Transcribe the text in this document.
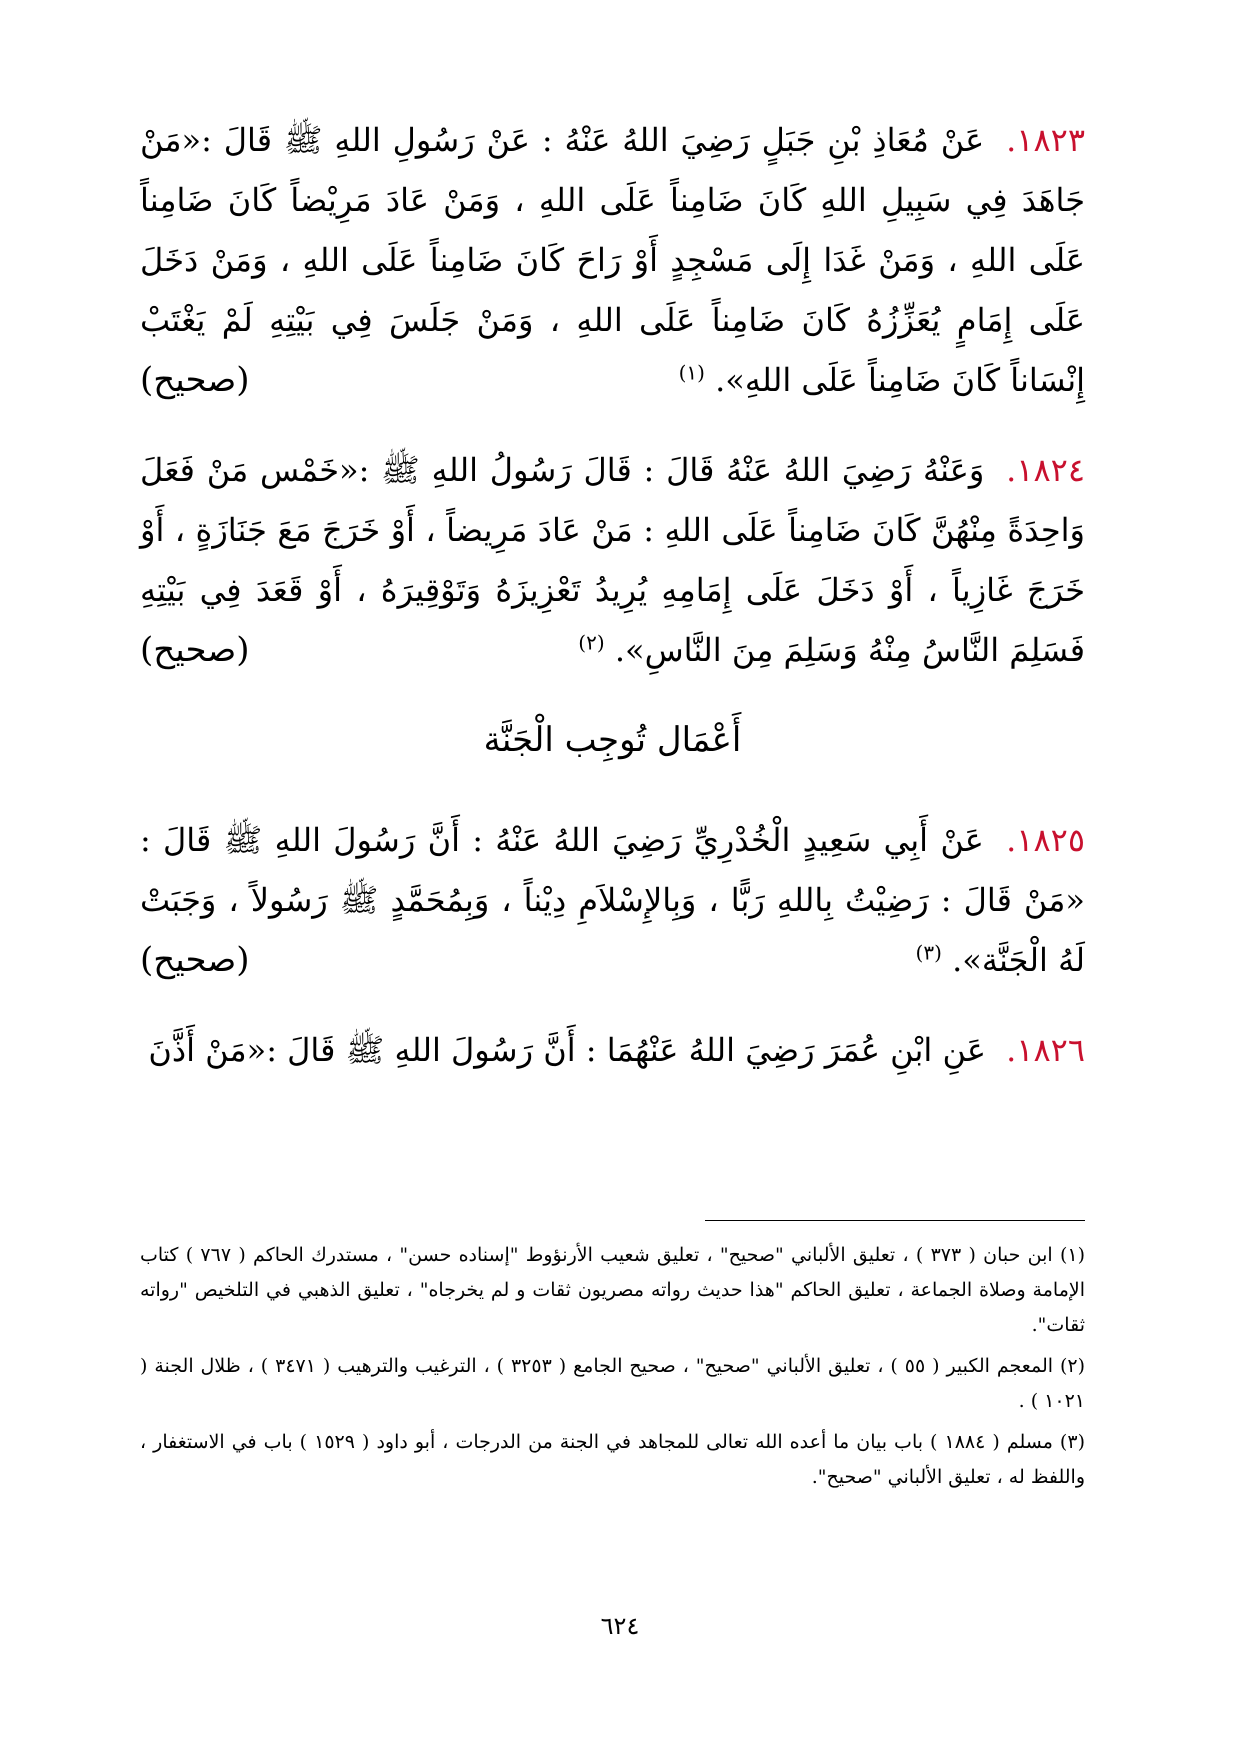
١٨٢٣. عَنْ مُعَاذِ بْنِ جَبَلٍ رَضِيَ اللهُ عَنْهُ : عَنْ رَسُولِ اللهِ ﷺ قَالَ :«مَنْ جَاهَدَ فِي سَبِيلِ اللهِ كَانَ ضَامِناً عَلَى اللهِ ، وَمَنْ عَادَ مَرِيْضاً كَانَ ضَامِناً عَلَى اللهِ ، وَمَنْ غَدَا إِلَى مَسْجِدٍ أَوْ رَاحَ كَانَ ضَامِناً عَلَى اللهِ ، وَمَنْ دَخَلَ عَلَى إِمَامٍ يُعَزِّزُهُ كَانَ ضَامِناً عَلَى اللهِ ، وَمَنْ جَلَسَ فِي بَيْتِهِ لَمْ يَغْتَبْ إِنْسَاناً كَانَ ضَامِناً عَلَى اللهِ». $^{(١)}$
(صحيح)

١٨٢٤. وَعَنْهُ رَضِيَ اللهُ عَنْهُ قَالَ : قَالَ رَسُولُ اللهِ ﷺ :«خَمْس مَنْ فَعَلَ وَاحِدَةً مِنْهُنَّ كَانَ ضَامِناً عَلَى اللهِ : مَنْ عَادَ مَرِيضاً ، أَوْ خَرَجَ مَعَ جَنَازَةٍ ، أَوْ خَرَجَ غَازِياً ، أَوْ دَخَلَ عَلَى إِمَامِهِ يُرِيدُ تَعْزِيزَهُ وَتَوْقِيرَهُ ، أَوْ قَعَدَ فِي بَيْتِهِ فَسَلِمَ النَّاسُ مِنْهُ وَسَلِمَ مِنَ النَّاسِ». $^{(٢)}$
(صحيح)

أَعْمَال تُوجِب الْجَنَّة

١٨٢٥. عَنْ أَبِي سَعِيدٍ الْخُدْرِيِّ رَضِيَ اللهُ عَنْهُ : أَنَّ رَسُولَ اللهِ ﷺ قَالَ : «مَنْ قَالَ : رَضِيْتُ بِاللهِ رَبًّا ، وَبِالإِسْلاَمِ دِيْناً ، وَبِمُحَمَّدٍ ﷺ رَسُولاً ، وَجَبَتْ لَهُ الْجَنَّة». $^{(٣)}$
(صحيح)

١٨٢٦. عَنِ ابْنِ عُمَرَ رَضِيَ اللهُ عَنْهُمَا : أَنَّ رَسُولَ اللهِ ﷺ قَالَ :«مَنْ أَذَّنَ

(١) ابن حبان ( ٣٧٣ ) ، تعليق الألباني "صحيح" ، تعليق شعيب الأرنؤوط "إسناده حسن" ، مستدرك الحاكم ( ٧٦٧ ) كتاب الإمامة وصلاة الجماعة ، تعليق الحاكم "هذا حديث رواته مصريون ثقات و لم يخرجاه" ، تعليق الذهبي في التلخيص "رواته ثقات".

(٢) المعجم الكبير ( ٥٥ ) ، تعليق الألباني "صحيح" ، صحيح الجامع ( ٣٢٥٣ ) ، الترغيب والترهيب ( ٣٤٧١ ) ، ظلال الجنة ( ١٠٢١ ) .

(٣) مسلم ( ١٨٨٤ ) باب بيان ما أعده الله تعالى للمجاهد في الجنة من الدرجات ، أبو داود ( ١٥٢٩ ) باب في الاستغفار ، واللفظ له ، تعليق الألباني "صحيح".

٦٢٤
